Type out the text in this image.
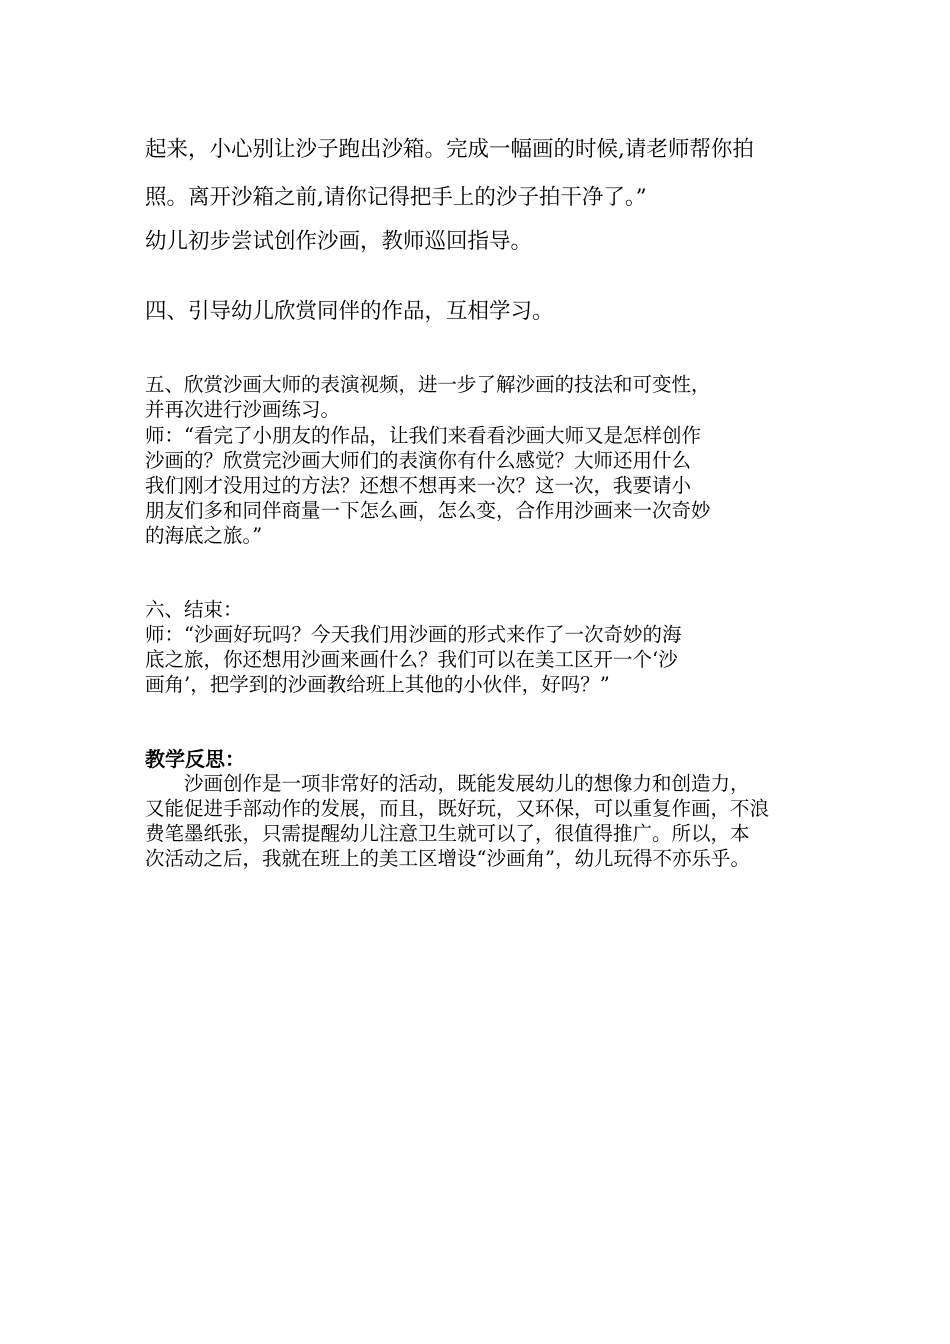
起来，小心别让沙子跑出沙箱。完成一幅画的时候,请老师帮你拍
照。离开沙箱之前,请你记得把手上的沙子拍干净了。”
幼儿初步尝试创作沙画，教师巡回指导。
四、引导幼儿欣赏同伴的作品，互相学习。
五、欣赏沙画大师的表演视频，进一步了解沙画的技法和可变性，
并再次进行沙画练习。
师：“看完了小朋友的作品，让我们来看看沙画大师又是怎样创作
沙画的？欣赏完沙画大师们的表演你有什么感觉？大师还用什么
我们刚才没用过的方法？还想不想再来一次？这一次，我要请小
朋友们多和同伴商量一下怎么画，怎么变，合作用沙画来一次奇妙
的海底之旅。”
六、结束：
师：“沙画好玩吗？今天我们用沙画的形式来作了一次奇妙的海
底之旅，你还想用沙画来画什么？我们可以在美工区开一个‘沙
画角’，把学到的沙画教给班上其他的小伙伴，好吗？”
教学反思：
　　沙画创作是一项非常好的活动，既能发展幼儿的想像力和创造力，
又能促进手部动作的发展，而且，既好玩，又环保，可以重复作画，不浪
费笔墨纸张，只需提醒幼儿注意卫生就可以了，很值得推广。所以，本
次活动之后，我就在班上的美工区增设“沙画角”，幼儿玩得不亦乐乎。
